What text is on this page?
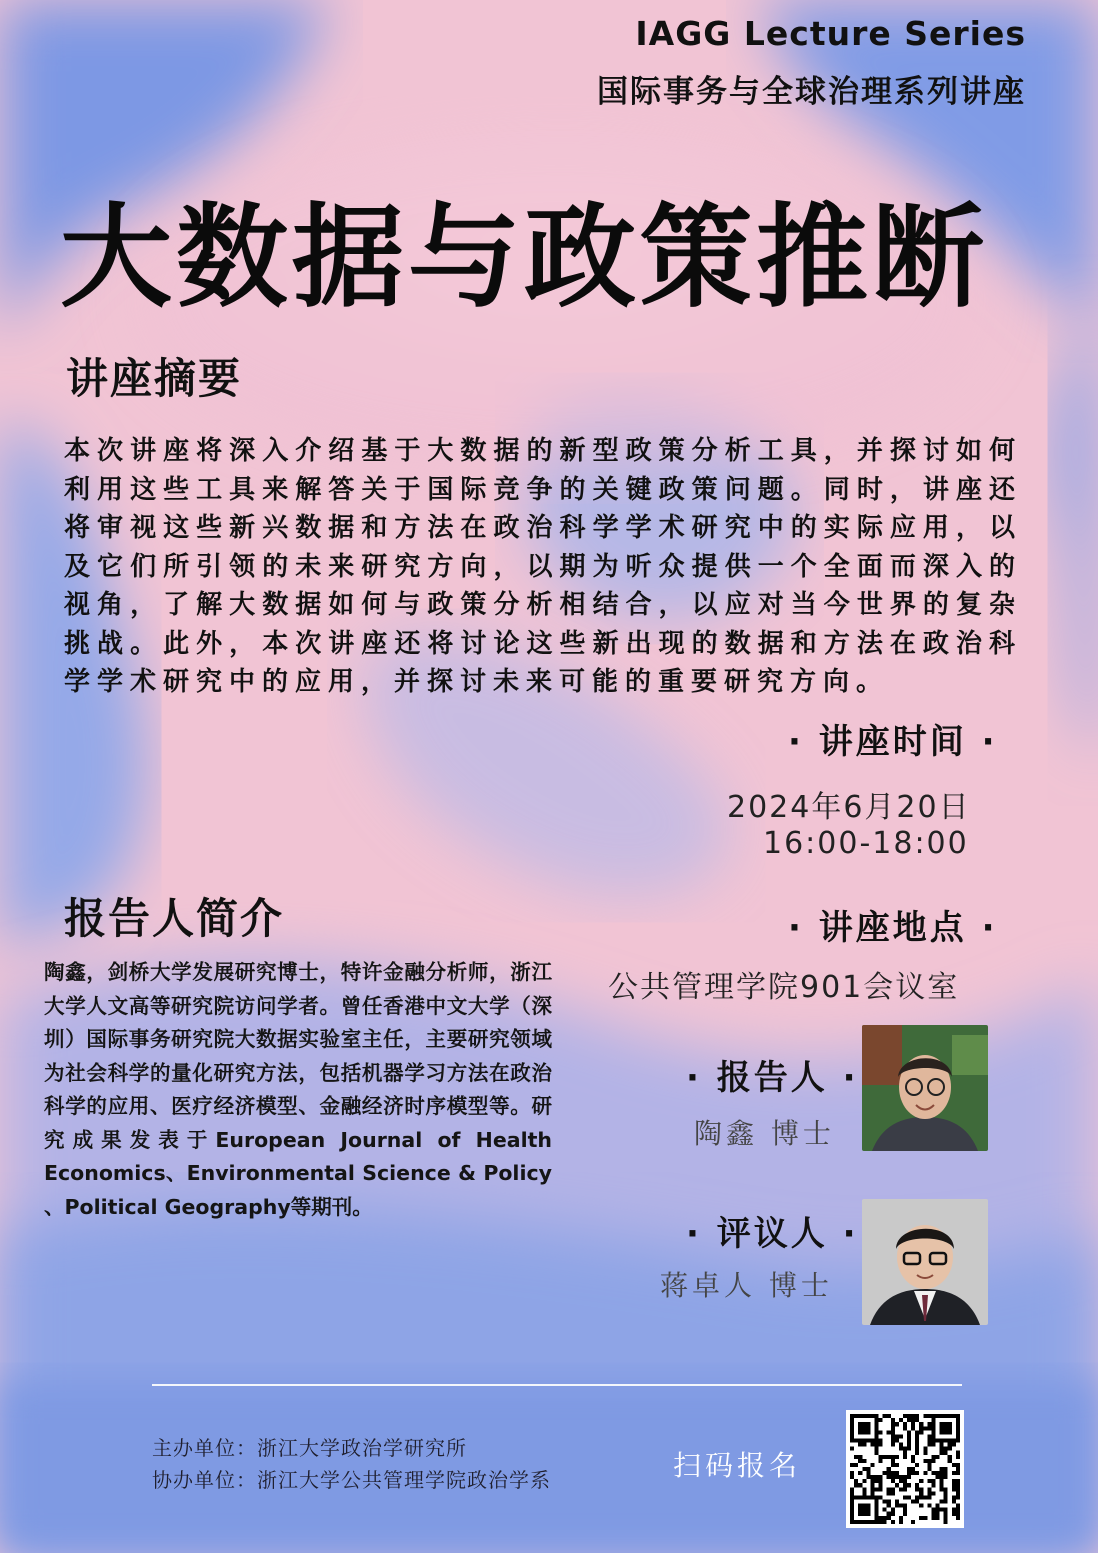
IAGG Lecture Series
国际事务与全球治理系列讲座
大数据与政策推断
讲座摘要
本次讲座将深入介绍基于大数据的新型政策分析工具，并探讨如何利用这些工具来解答关于国际竞争的关键政策问题。同时，讲座还将审视这些新兴数据和方法在政治科学学术研究中的实际应用，以及它们所引领的未来研究方向，以期为听众提供一个全面而深入的视角，了解大数据如何与政策分析相结合，以应对当今世界的复杂挑战。此外，本次讲座还将讨论这些新出现的数据和方法在政治科学学术研究中的应用，并探讨未来可能的重要研究方向。
· 讲座时间 ·
2024年6月20日
16:00-18:00
报告人简介
陶鑫，剑桥大学发展研究博士，特许金融分析师，浙江大学人文高等研究院访问学者。曾任香港中文大学（深圳）国际事务研究院大数据实验室主任，主要研究领域为社会科学的量化研究方法，包括机器学习方法在政治科学的应用、医疗经济模型、金融经济时序模型等。研究成果发表于European Journal of Health Economics、Environmental Science & Policy 、Political Geography等期刊。
· 讲座地点 ·
公共管理学院901会议室
· 报告人 ·
陶鑫 博士
· 评议人 ·
蒋卓人 博士
主办单位：浙江大学政治学研究所
协办单位：浙江大学公共管理学院政治学系	扫码报名
